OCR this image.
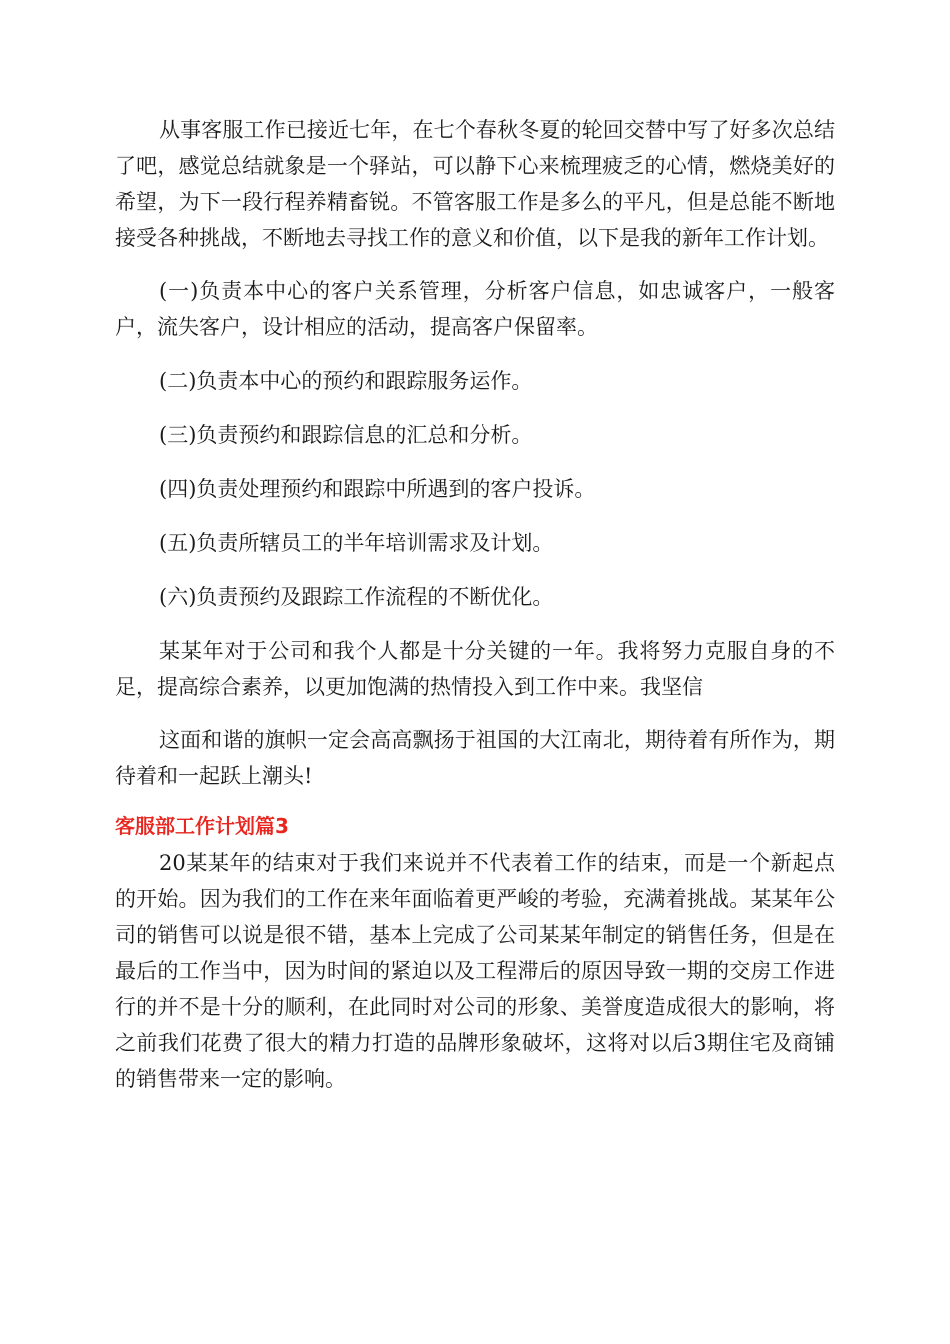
从事客服工作已接近七年，在七个春秋冬夏的轮回交替中写了好多次总结了吧，感觉总结就象是一个驿站，可以静下心来梳理疲乏的心情，燃烧美好的希望，为下一段行程养精畜锐。不管客服工作是多么的平凡，但是总能不断地接受各种挑战，不断地去寻找工作的意义和价值，以下是我的新年工作计划。

(一)负责本中心的客户关系管理，分析客户信息，如忠诚客户，一般客户，流失客户，设计相应的活动，提高客户保留率。

(二)负责本中心的预约和跟踪服务运作。

(三)负责预约和跟踪信息的汇总和分析。

(四)负责处理预约和跟踪中所遇到的客户投诉。

(五)负责所辖员工的半年培训需求及计划。

(六)负责预约及跟踪工作流程的不断优化。

某某年对于公司和我个人都是十分关键的一年。我将努力克服自身的不足，提高综合素养，以更加饱满的热情投入到工作中来。我坚信

这面和谐的旗帜一定会高高飘扬于祖国的大江南北，期待着有所作为，期待着和一起跃上潮头!

客服部工作计划篇3

20某某年的结束对于我们来说并不代表着工作的结束，而是一个新起点的开始。因为我们的工作在来年面临着更严峻的考验，充满着挑战。某某年公司的销售可以说是很不错，基本上完成了公司某某年制定的销售任务，但是在最后的工作当中，因为时间的紧迫以及工程滞后的原因导致一期的交房工作进行的并不是十分的顺利，在此同时对公司的形象、美誉度造成很大的影响，将之前我们花费了很大的精力打造的品牌形象破坏，这将对以后3期住宅及商铺的销售带来一定的影响。
